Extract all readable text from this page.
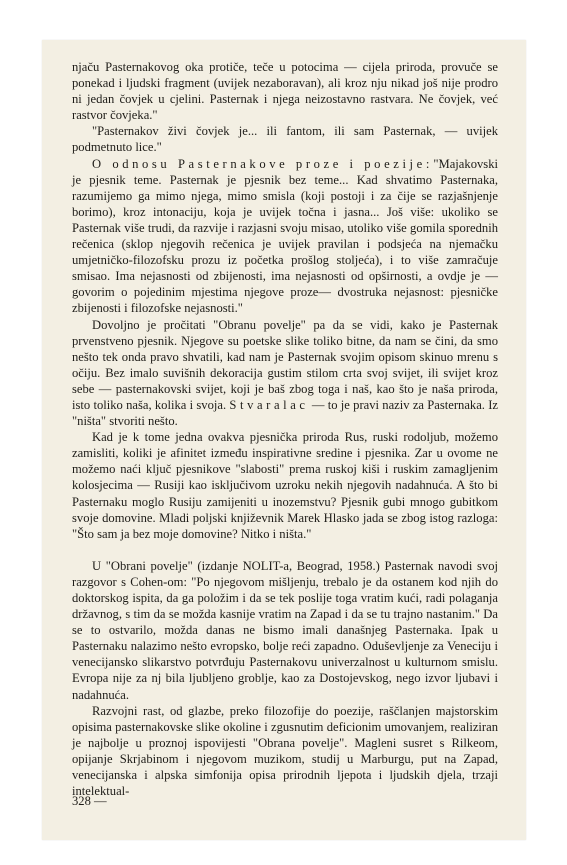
njaču Pasternakovog oka protiče, teče u potocima — cijela priroda, provuče se ponekad i ljudski fragment (uvijek nezaboravan), ali kroz nju nikad još nije prodro ni jedan čovjek u cjelini. Pasternak i njega neizostavno rastvara. Ne čovjek, već rastvor čovjeka."

"Pasternakov živi čovjek je... ili fantom, ili sam Pasternak, — uvijek podmetnuto lice."

O odnosu Pasternakove proze i poezije: "Majakovski je pjesnik teme. Pasternak je pjesnik bez teme... Kad shvatimo Pasternaka, razumijemo ga mimo njega, mimo smisla (koji postoji i za čije se razjašnjenje borimo), kroz intonaciju, koja je uvijek točna i jasna... Još više: ukoliko se Pasternak više trudi, da razvije i razjasni svoju misao, utoliko više gomila sporednih rečenica (sklop njegovih rečenica je uvijek pravilan i podsjeća na njemačku umjetničko-filozofsku prozu iz početka prošlog stoljeća), i to više zamračuje smisao. Ima nejasnosti od zbijenosti, ima nejasnosti od opširnosti, a ovdje je —govorim o pojedinim mjestima njegove proze— dvostruka nejasnost: pjesničke zbijenosti i filozofske nejasnosti."

Dovoljno je pročitati "Obranu povelje" pa da se vidi, kako je Pasternak prvenstveno pjesnik. Njegove su poetske slike toliko bitne, da nam se čini, da smo nešto tek onda pravo shvatili, kad nam je Pasternak svojim opisom skinuo mrenu s očiju. Bez imalo suvišnih dekoracija gustim stilom crta svoj svijet, ili svijet kroz sebe — pasternakovski svijet, koji je baš zbog toga i naš, kao što je naša priroda, isto toliko naša, kolika i svoja. Stvaralac — to je pravi naziv za Pasternaka. Iz "ništa" stvoriti nešto.

Kad je k tome jedna ovakva pjesnička priroda Rus, ruski rodoljub, možemo zamisliti, koliki je afinitet između inspirativne sredine i pjesnika. Zar u ovome ne možemo naći ključ pjesnikove "slabosti" prema ruskoj kiši i ruskim zamagljenim kolosjecima — Rusiji kao isključivom uzroku nekih njegovih nadahnuća. A što bi Pasternaku moglo Rusiju zamijeniti u inozemstvu? Pjesnik gubi mnogo gubitkom svoje domovine. Mladi poljski književnik Marek Hlasko jada se zbog istog razloga: "Što sam ja bez moje domovine? Nitko i ništa."

U "Obrani povelje" (izdanje NOLIT-a, Beograd, 1958.) Pasternak navodi svoj razgovor s Cohen-om: "Po njegovom mišljenju, trebalo je da ostanem kod njih do doktorskog ispita, da ga položim i da se tek poslije toga vratim kući, radi polaganja državnog, s tim da se možda kasnije vratim na Zapad i da se tu trajno nastanim." Da se to ostvarilo, možda danas ne bismo imali današnjeg Pasternaka. Ipak u Pasternaku nalazimo nešto evropsko, bolje reći zapadno. Oduševljenje za Veneciju i venecijansko slikarstvo potvrđuju Pasternakovu univerzalnost u kulturnom smislu. Evropa nije za nj bila ljubljeno groblje, kao za Dostojevskog, nego izvor ljubavi i nadahnuća.

Razvojni rast, od glazbe, preko filozofije do poezije, raščlanjen majstorskim opisima pasternakovske slike okoline i zgusnutim deficionim umovanjem, realiziran je najbolje u proznoj ispovijesti "Obrana povelje". Magleni susret s Rilkeom, opijanje Skrjabinom i njegovom muzikom, studij u Marburgu, put na Zapad, venecijanska i alpska simfonija opisa prirodnih ljepota i ljudskih djela, trzaji intelektual-

328 —
